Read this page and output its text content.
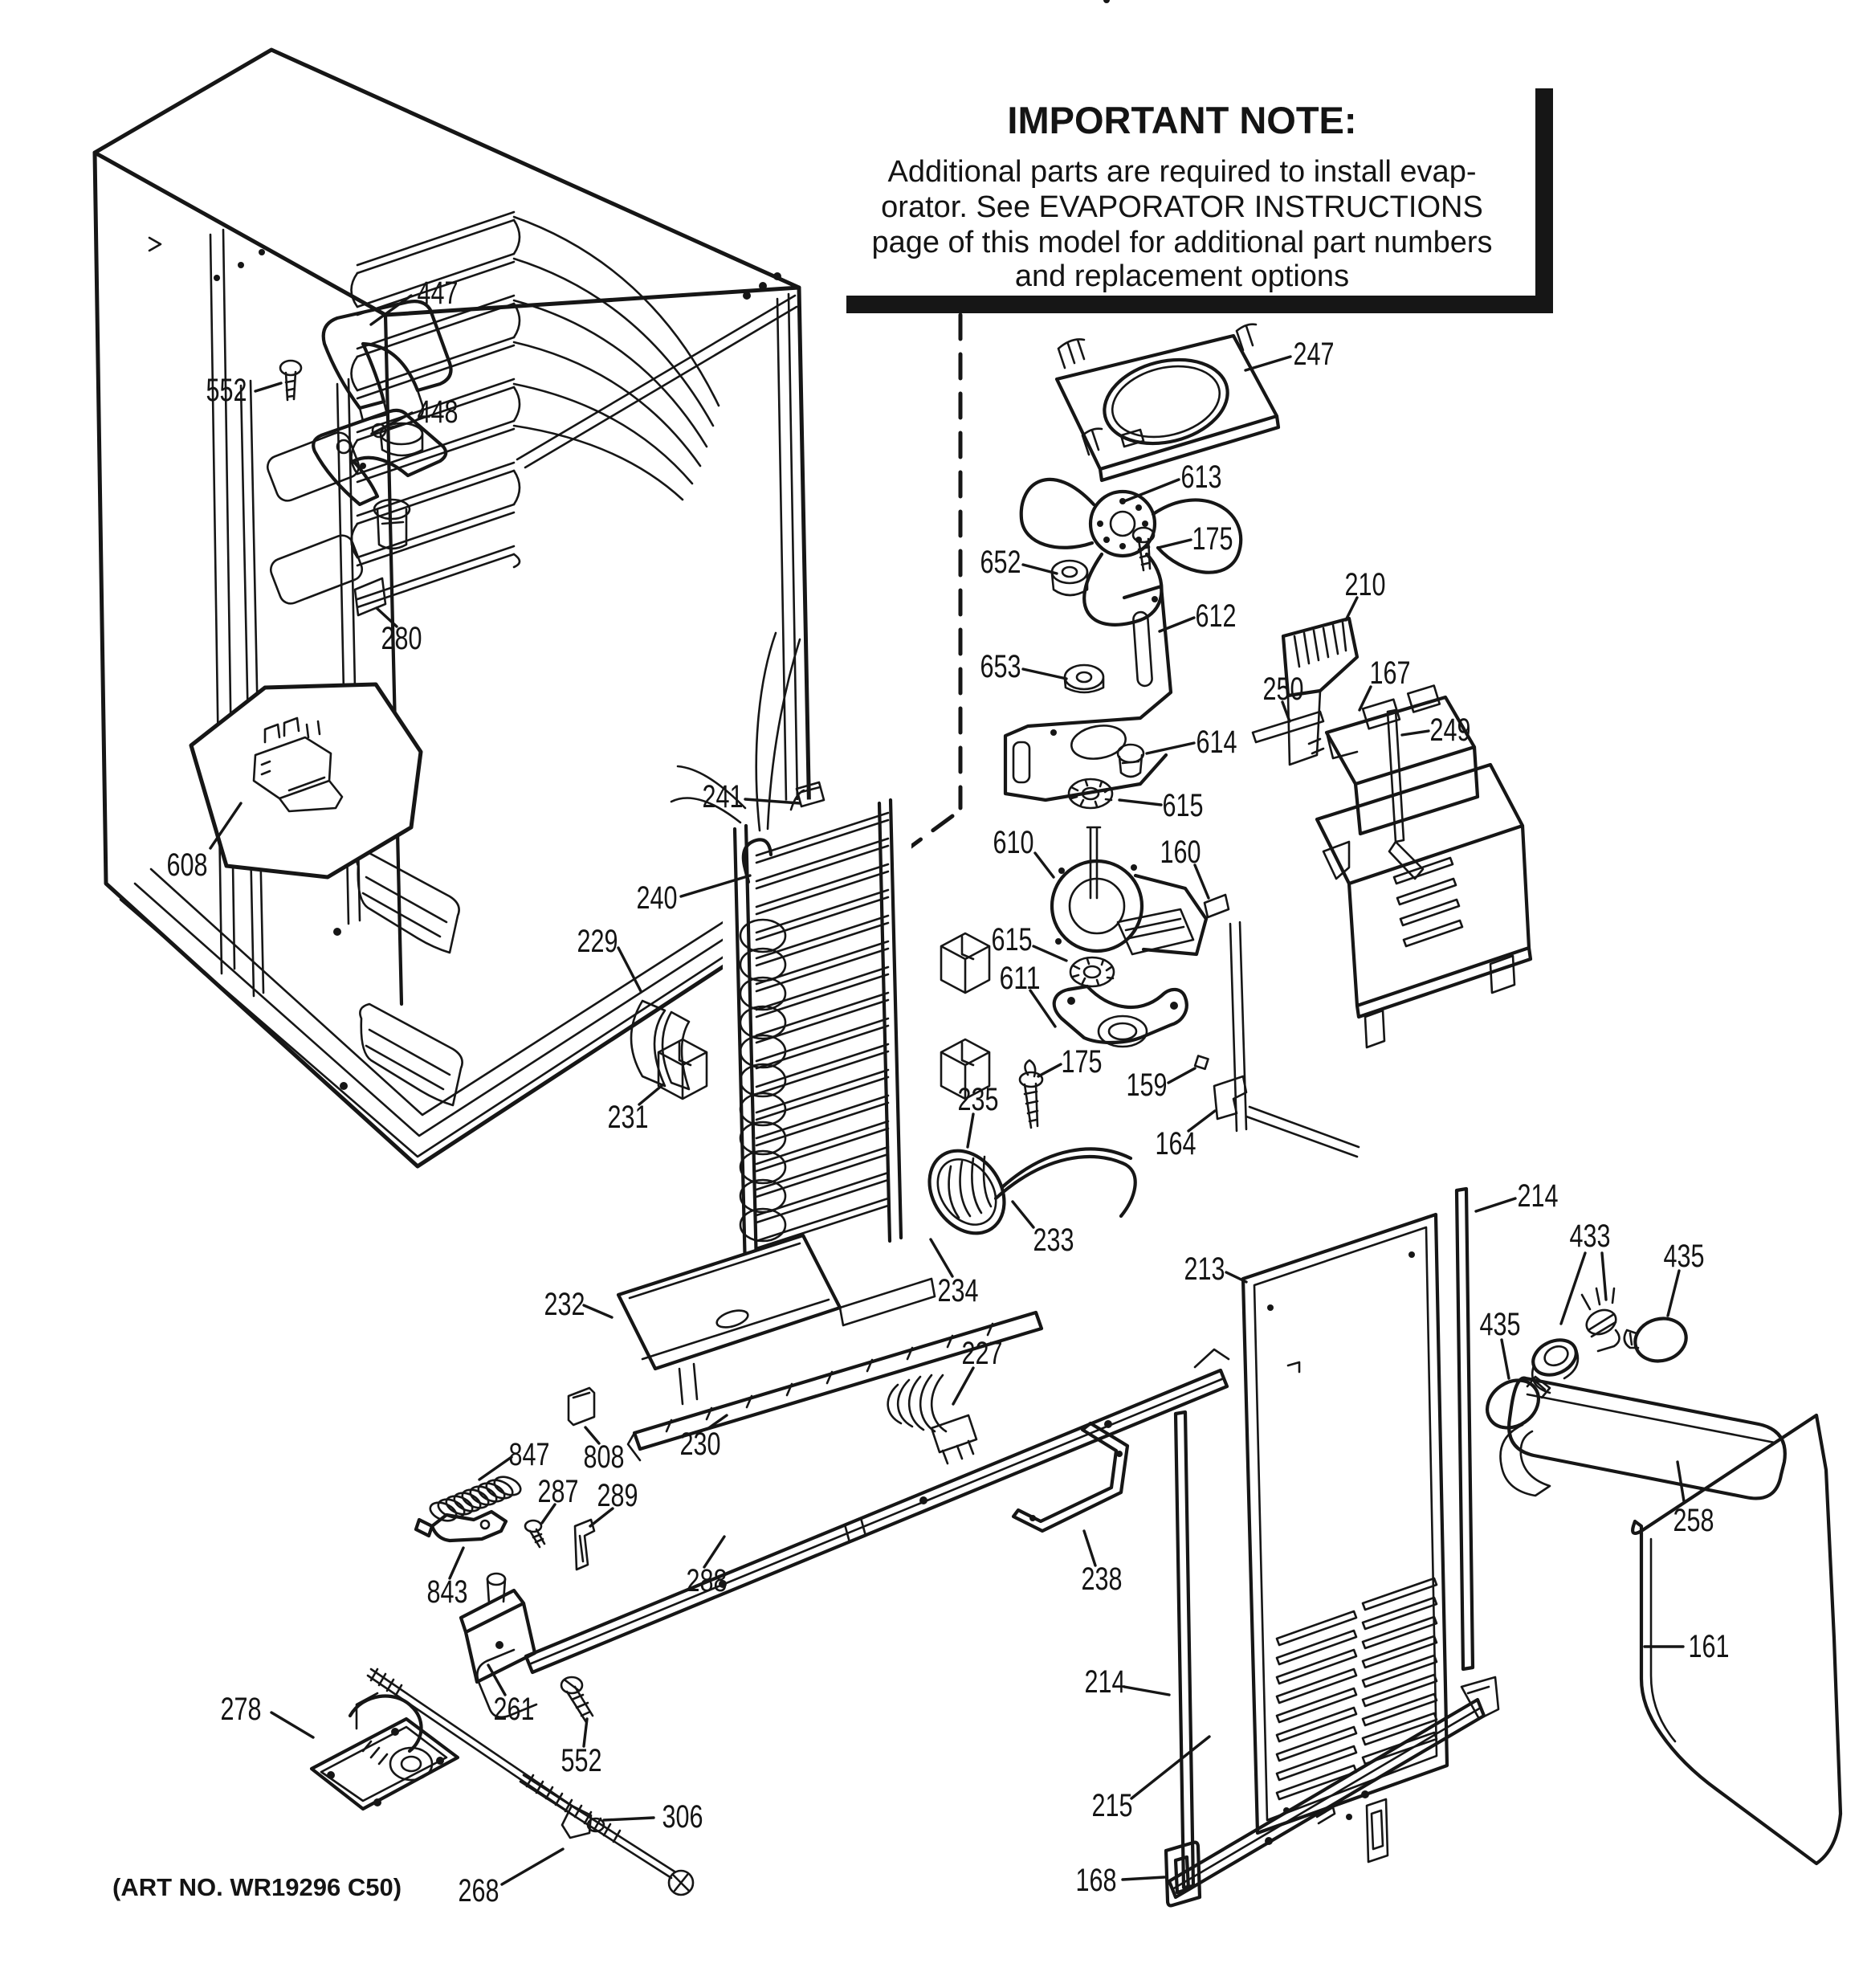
IMPORTANT NOTE:
Additional parts are required to install evap-
orator. See EVAPORATOR INSTRUCTIONS
page of this model for additional part numbers
and replacement options
447
552
448
280
608
241
240
229
231
232
230
808
227
234
233
235
247
613
175
652
653
612
614
615
610
615
611
175
210
167
250
249
160
159
164
214
213
433
435
435
258
161
214
215
168
238
847
287 289
288
843
261
552
306
268
278
(ART NO. WR19296 C50)
